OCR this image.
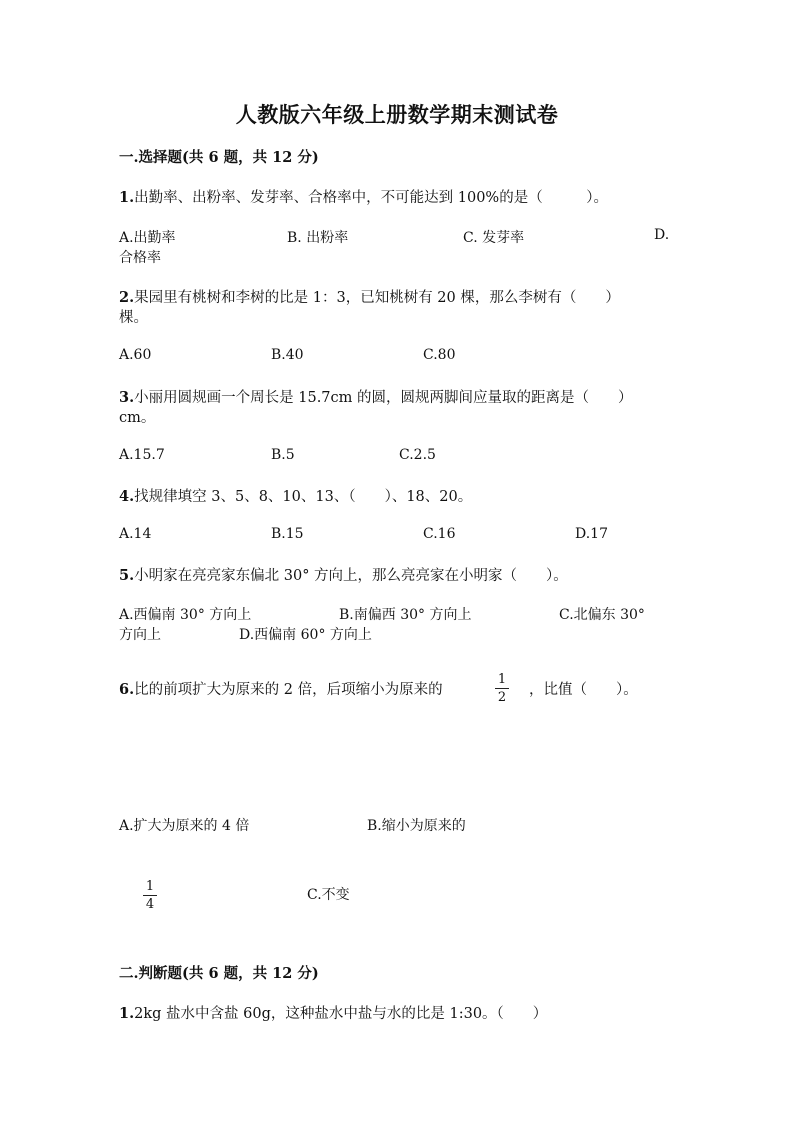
人教版六年级上册数学期末测试卷
一.选择题(共 6 题，共 12 分)
1.出勤率、出粉率、发芽率、合格率中，不可能达到 100%的是（　　　）。
A.出勤率	B. 出粉率	C. 发芽率	D.
合格率
2.果园里有桃树和李树的比是 1：3，已知桃树有 20 棵，那么李树有（　　）
棵。
A.60	B.40	C.80
3.小丽用圆规画一个周长是 15.7cm 的圆，圆规两脚间应量取的距离是（　　）
cm。
A.15.7	B.5	C.2.5
4.找规律填空 3、5、8、10、13、（　　）、18、20。
A.14	B.15	C.16	D.17
5.小明家在亮亮家东偏北 30° 方向上，那么亮亮家在小明家（　　）。
A.西偏南 30° 方向上	B.南偏西 30° 方向上	C.北偏东 30°
方向上	D.西偏南 60° 方向上
6.比的前项扩大为原来的 2 倍，后项缩小为原来的
1
2 ，比值（　　）。
A.扩大为原来的 4 倍	B.缩小为原来的
1
4
C.不变
二.判断题(共 6 题，共 12 分)
1.2kg 盐水中含盐 60g，这种盐水中盐与水的比是 1:30。（　　）
